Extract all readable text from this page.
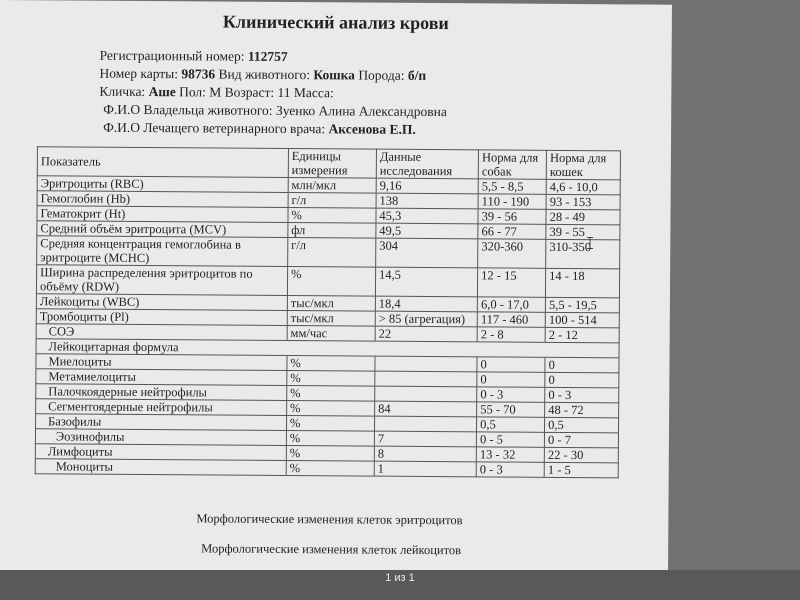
Клинический анализ крови
Регистрационный номер: 112757
Номер карты: 98736 Вид животного: Кошка Порода: б/п
Кличка: Аше Пол: М Возраст: 11 Масса:
Ф.И.О Владельца животного: Зуенко Алина Александровна
Ф.И.О Лечащего ветеринарного врача: Аксенова Е.П.
Показатель	Единицы измерения	Данные исследования	Норма для собак	Норма для кошек
Эритроциты (RBC)	млн/мкл	9,16	5,5 - 8,5	4,6 - 10,0
Гемоглобин (Hb)	г/л	138	110 - 190	93 - 153
Гематокрит (Ht)	%	45,3	39 - 56	28 - 49
Средний объём эритроцита (MCV)	фл	49,5	66 - 77	39 - 55
Средняя концентрация гемоглобина в эритроците (MCHC)	г/л	304	320-360	310-350
Ширина распределения эритроцитов по объёму (RDW)	%	14,5	12 - 15	14 - 18
Лейкоциты (WBC)	тыс/мкл	18,4	6,0 - 17,0	5,5 - 19,5
Тромбоциты (Pl)	тыс/мкл	> 85 (агрегация)	117 - 460	100 - 514
СОЭ	мм/час	22	2 - 8	2 - 12
Лейкоцитарная формула				
Миелоциты	%		0	0
Метамиелоциты	%		0	0
Палочкоядерные нейтрофилы	%		0 - 3	0 - 3
Сегментоядерные нейтрофилы	%	84	55 - 70	48 - 72
Базофилы	%		0,5	0,5
Эозинофилы	%	7	0 - 5	0 - 7
Лимфоциты	%	8	13 - 32	22 - 30
Моноциты	%	1	0 - 3	1 - 5
Морфологические изменения клеток эритроцитов
Морфологические изменения клеток лейкоцитов
1 из 1
